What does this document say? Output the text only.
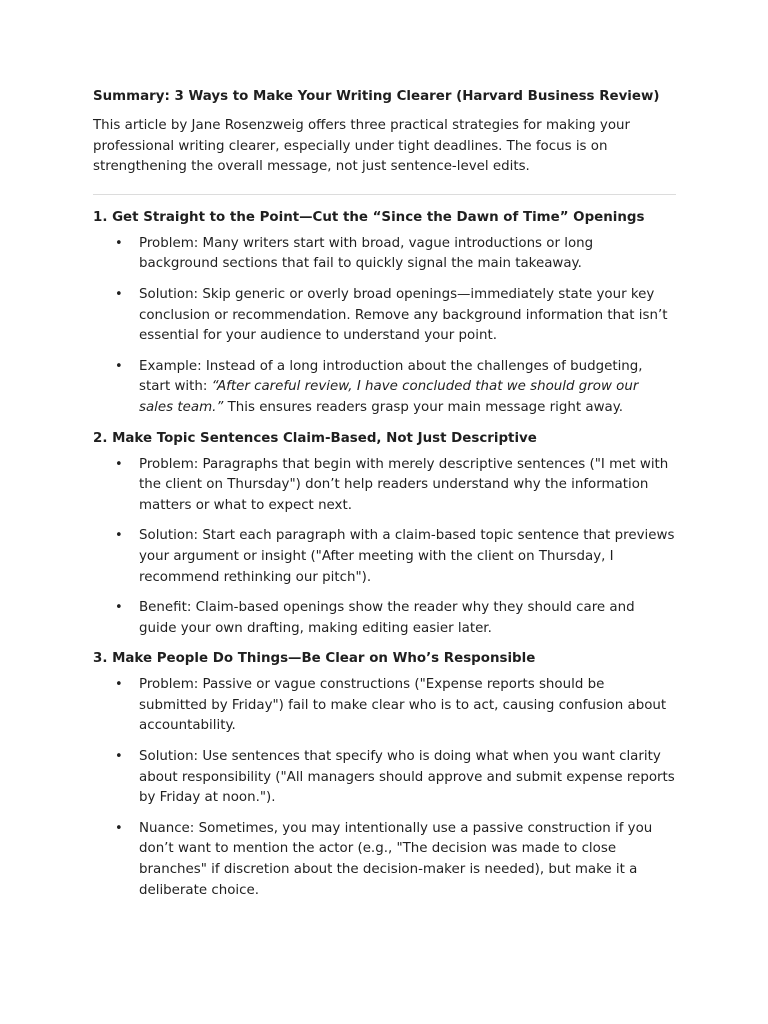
Summary: 3 Ways to Make Your Writing Clearer (Harvard Business Review)

This article by Jane Rosenzweig offers three practical strategies for making your professional writing clearer, especially under tight deadlines. The focus is on strengthening the overall message, not just sentence-level edits.

1. Get Straight to the Point—Cut the “Since the Dawn of Time” Openings
• Problem: Many writers start with broad, vague introductions or long background sections that fail to quickly signal the main takeaway.
• Solution: Skip generic or overly broad openings—immediately state your key conclusion or recommendation. Remove any background information that isn’t essential for your audience to understand your point.
• Example: Instead of a long introduction about the challenges of budgeting, start with: “After careful review, I have concluded that we should grow our sales team.” This ensures readers grasp your main message right away.
2. Make Topic Sentences Claim-Based, Not Just Descriptive
• Problem: Paragraphs that begin with merely descriptive sentences ("I met with the client on Thursday") don’t help readers understand why the information matters or what to expect next.
• Solution: Start each paragraph with a claim-based topic sentence that previews your argument or insight ("After meeting with the client on Thursday, I recommend rethinking our pitch").
• Benefit: Claim-based openings show the reader why they should care and guide your own drafting, making editing easier later.
3. Make People Do Things—Be Clear on Who’s Responsible
• Problem: Passive or vague constructions ("Expense reports should be submitted by Friday") fail to make clear who is to act, causing confusion about accountability.
• Solution: Use sentences that specify who is doing what when you want clarity about responsibility ("All managers should approve and submit expense reports by Friday at noon.").
• Nuance: Sometimes, you may intentionally use a passive construction if you don’t want to mention the actor (e.g., "The decision was made to close branches" if discretion about the decision-maker is needed), but make it a deliberate choice.
